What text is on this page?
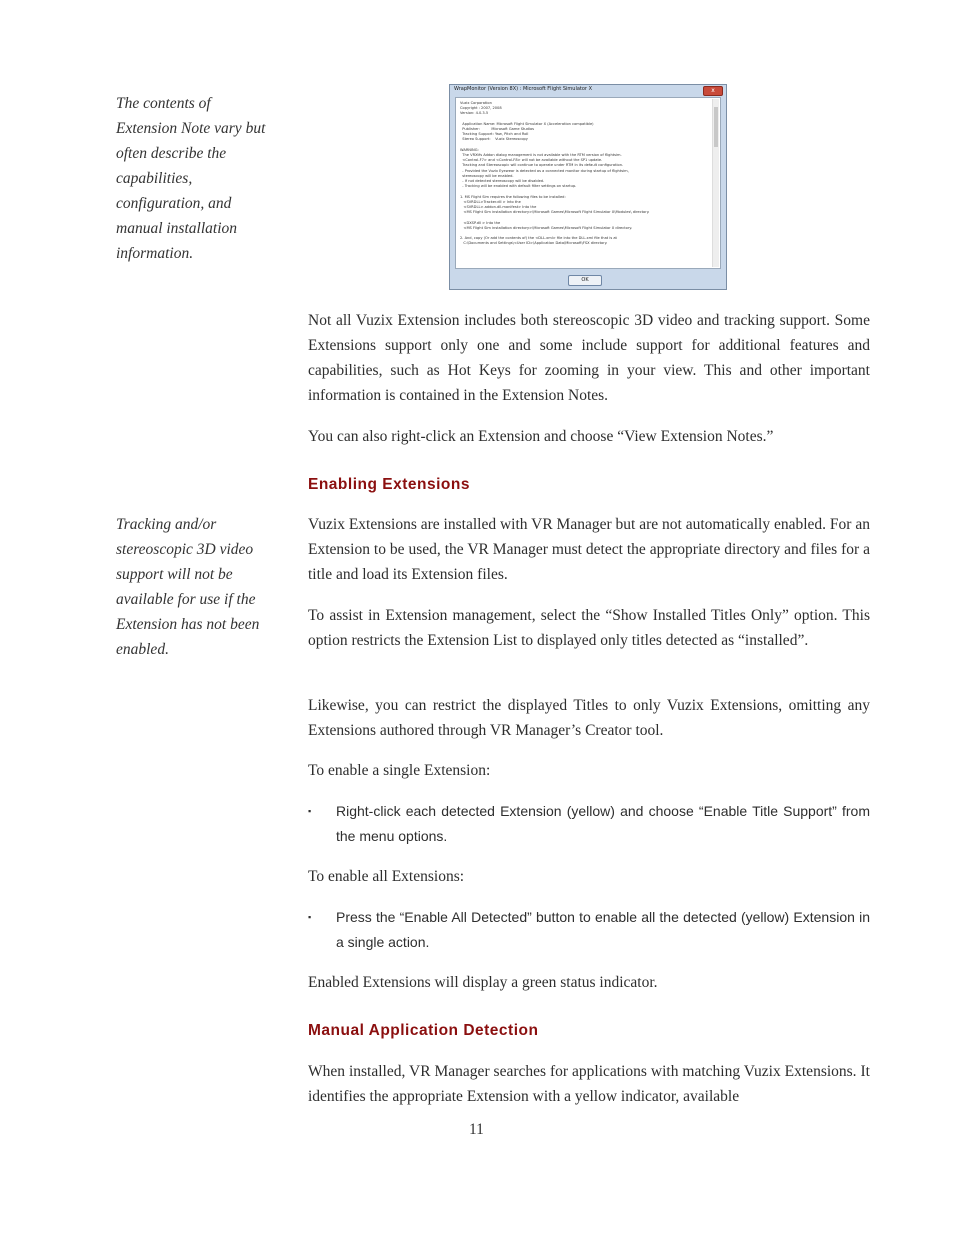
The contents of Extension Note vary but often describe the capabilities, configuration, and manual installation information.
Tracking and/or stereoscopic 3D video support will not be available for use if the Extension has not been enabled.
WrapMonitor (Version 8X) : Microsoft Flight Simulator X	x
Vuzix Corporation
Copyright : 2007, 2008
Version: 4.0.3.5

Application Name: Microsoft Flight Simulator X (Acceleration compatible)
Publisher:          Microsoft Game Studios
Tracking Support: Yaw, Pitch and Roll
Stereo Support:    Vuzix Stereoscopy

WARNING:
The VRXtfs Addon dialog management is not available with the RTM version of flightsim.
<Control-F7> and <Control-F8> will not be available without the SP1 update.
Tracking and Stereoscopic will continue to operate under RTM in its default configuration.
- Provided the Vuzix Eyewear is detected as a connected monitor during startup of flightsim,
stereoscopy will be enabled.
- If not detected stereoscopy will be disabled.
- Tracking will be enabled with default filter settings on startup.

1. MS Flight Sim requires the following files to be installed:
<SVRDLL>Tracker.dll > Into the
<SVRDLL>.addon.dll.manifest> Into the
<MS Flight Sim installation directory>\Microsoft Games\Microsoft Flight Simulator X\Modules\ directory.

<DXSP.dll > Into the
<MS Flight Sim installation directory>\Microsoft Games\Microsoft Flight Simulator X directory.

2. And, copy (Or add the contents of) the <DLL.xml> file into the DLL.xml file that is at
C:\Documents and Settings\<User ID>\Application Data\Microsoft\FSX directory.
OK

Not all Vuzix Extension includes both stereoscopic 3D video and tracking support. Some Extensions support only one and some include support for additional features and capabilities, such as Hot Keys for zooming in your view. This and other important information is contained in the Extension Notes.

You can also right-click an Extension and choose “View Extension Notes.”

Enabling Extensions

Vuzix Extensions are installed with VR Manager but are not automatically enabled. For an Extension to be used, the VR Manager must detect the appropriate directory and files for a title and load its Extension files.

To assist in Extension management, select the “Show Installed Titles Only” option. This option restricts the Extension List to displayed only titles detected as “installed”.

Likewise, you can restrict the displayed Titles to only Vuzix Extensions, omitting any Extensions authored through VR Manager’s Creator tool.

To enable a single Extension:

▪ Right-click each detected Extension (yellow) and choose “Enable Title Support” from the menu options.

To enable all Extensions:

▪ Press the “Enable All Detected” button to enable all the detected (yellow) Extension in a single action.

Enabled Extensions will display a green status indicator.

Manual Application Detection

When installed, VR Manager searches for applications with matching Vuzix Extensions. It identifies the appropriate Extension with a yellow indicator, available

11
